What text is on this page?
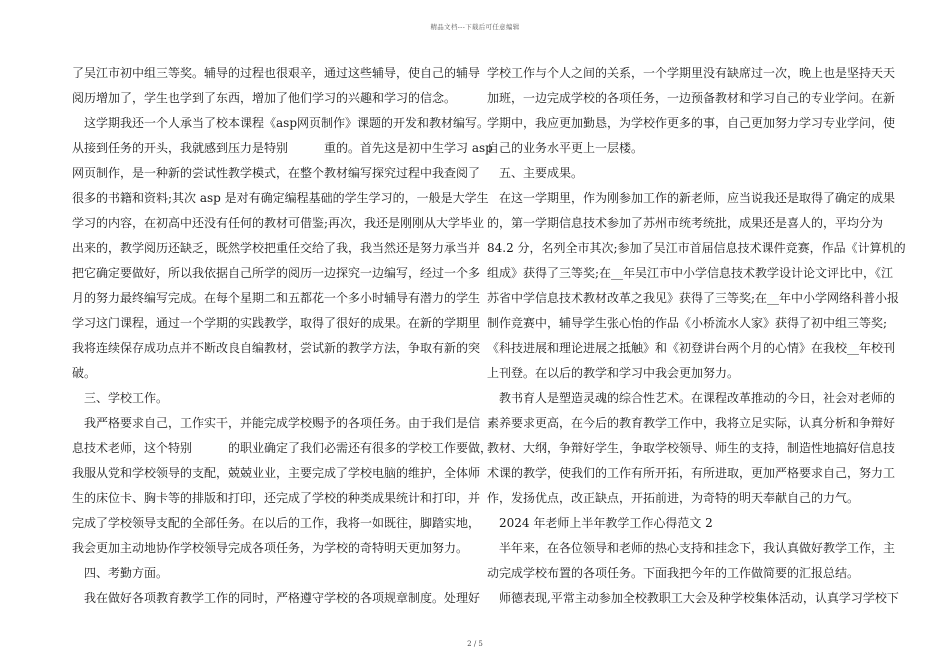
精品文档---下载后可任意编辑
了吴江市初中组三等奖。辅导的过程也很艰辛，通过这些辅导，使自己的辅导
阅历增加了，学生也学到了东西，增加了他们学习的兴趣和学习的信念。
这学期我还一个人承当了校本课程《asp网页制作》课题的开发和教材编写。
从接到任务的开头，我就感到压力是特别　　　重的。首先这是初中生学习 asp
网页制作，是一种新的尝试性教学模式，在整个教材编写探究过程中我查阅了
很多的书籍和资料;其次 asp 是对有确定编程基础的学生学习的，一般是大学生
学习的内容，在初高中还没有任何的教材可借鉴;再次，我还是刚刚从大学毕业
出来的，教学阅历还缺乏，既然学校把重任交给了我，我当然还是努力承当并
把它确定要做好，所以我依据自己所学的阅历一边探究一边编写，经过一个多
月的努力最终编写完成。在每个星期二和五都花一个多小时辅导有潜力的学生
学习这门课程，通过一个学期的实践教学，取得了很好的成果。在新的学期里
我将连续保存成功点并不断改良自编教材，尝试新的教学方法，争取有新的突
破。
三、学校工作。
我严格要求自己，工作实干，并能完成学校赐予的各项任务。由于我们是信
息技术老师，这个特别　　　的职业确定了我们必需还有很多的学校工作要做，
我服从党和学校领导的支配，兢兢业业，主要完成了学校电脑的维护，全体师
生的床位卡、胸卡等的排版和打印，还完成了学校的种类成果统计和打印，并
完成了学校领导支配的全部任务。在以后的工作，我将一如既往，脚踏实地，
我会更加主动地协作学校领导完成各项任务，为学校的奇特明天更加努力。
四、考勤方面。
我在做好各项教育教学工作的同时，严格遵守学校的各项规章制度。处理好
学校工作与个人之间的关系，一个学期里没有缺席过一次，晚上也是坚持天天
加班，一边完成学校的各项任务，一边预备教材和学习自己的专业学问。在新
学期中，我应更加勤恳，为学校作更多的事，自己更加努力学习专业学问，使
自己的业务水平更上一层楼。
五、主要成果。
在这一学期里，作为刚参加工作的新老师，应当说我还是取得了确定的成果
的，第一学期信息技术参加了苏州市统考统批，成果还是喜人的，平均分为
84.2 分，名列全市其次;参加了吴江市首届信息技术课件竞赛，作品《计算机的
组成》获得了三等奖;在__年吴江市中小学信息技术教学设计论文评比中，《江
苏省中学信息技术教材改革之我见》获得了三等奖;在__年中小学网络科普小报
制作竞赛中，辅导学生张心怡的作品《小桥流水人家》获得了初中组三等奖;
《科技进展和理论进展之抵触》和《初登讲台两个月的心情》在我校__年校刊
上刊登。在以后的教学和学习中我会更加努力。
教书育人是塑造灵魂的综合性艺术。在课程改革推动的今日，社会对老师的
素养要求更高，在今后的教育教学工作中，我将立足实际，认真分析和争辩好
教材、大纲，争辩好学生，争取学校领导、师生的支持，制造性地搞好信息技
术课的教学，使我们的工作有所开拓，有所进取，更加严格要求自己，努力工
作，发扬优点，改正缺点，开拓前进，为奇特的明天奉献自己的力气。
2024 年老师上半年教学工作心得范文 2
半年来，在各位领导和老师的热心支持和挂念下，我认真做好教学工作，主
动完成学校布置的各项任务。下面我把今年的工作做简要的汇报总结。
师德表现,平常主动参加全校教职工大会及种学校集体活动，认真学习学校下
2 / 5
